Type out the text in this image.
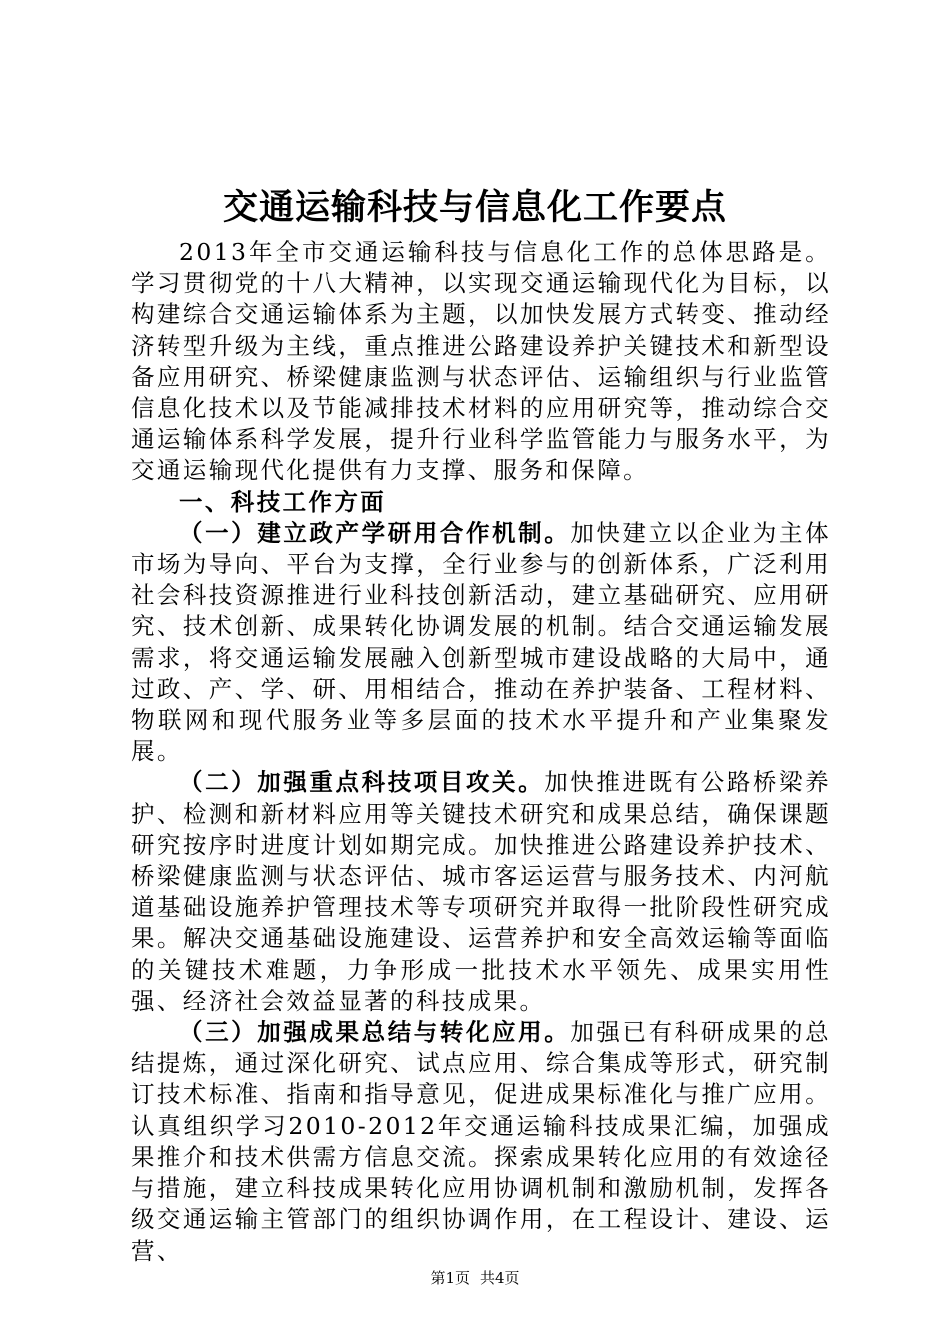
交通运输科技与信息化工作要点

2013年全市交通运输科技与信息化工作的总体思路是。学习贯彻党的十八大精神，以实现交通运输现代化为目标，以构建综合交通运输体系为主题，以加快发展方式转变、推动经济转型升级为主线，重点推进公路建设养护关键技术和新型设备应用研究、桥梁健康监测与状态评估、运输组织与行业监管信息化技术以及节能减排技术材料的应用研究等，推动综合交通运输体系科学发展，提升行业科学监管能力与服务水平，为交通运输现代化提供有力支撑、服务和保障。

一、科技工作方面

（一）建立政产学研用合作机制。加快建立以企业为主体市场为导向、平台为支撑，全行业参与的创新体系，广泛利用社会科技资源推进行业科技创新活动，建立基础研究、应用研究、技术创新、成果转化协调发展的机制。结合交通运输发展需求，将交通运输发展融入创新型城市建设战略的大局中，通过政、产、学、研、用相结合，推动在养护装备、工程材料、物联网和现代服务业等多层面的技术水平提升和产业集聚发展。

（二）加强重点科技项目攻关。加快推进既有公路桥梁养护、检测和新材料应用等关键技术研究和成果总结，确保课题研究按序时进度计划如期完成。加快推进公路建设养护技术、桥梁健康监测与状态评估、城市客运运营与服务技术、内河航道基础设施养护管理技术等专项研究并取得一批阶段性研究成果。解决交通基础设施建设、运营养护和安全高效运输等面临的关键技术难题，力争形成一批技术水平领先、成果实用性强、经济社会效益显著的科技成果。

（三）加强成果总结与转化应用。加强已有科研成果的总结提炼，通过深化研究、试点应用、综合集成等形式，研究制订技术标准、指南和指导意见，促进成果标准化与推广应用。认真组织学习2010-2012年交通运输科技成果汇编，加强成果推介和技术供需方信息交流。探索成果转化应用的有效途径与措施，建立科技成果转化应用协调机制和激励机制，发挥各级交通运输主管部门的组织协调作用，在工程设计、建设、运营、

第1页 共4页
